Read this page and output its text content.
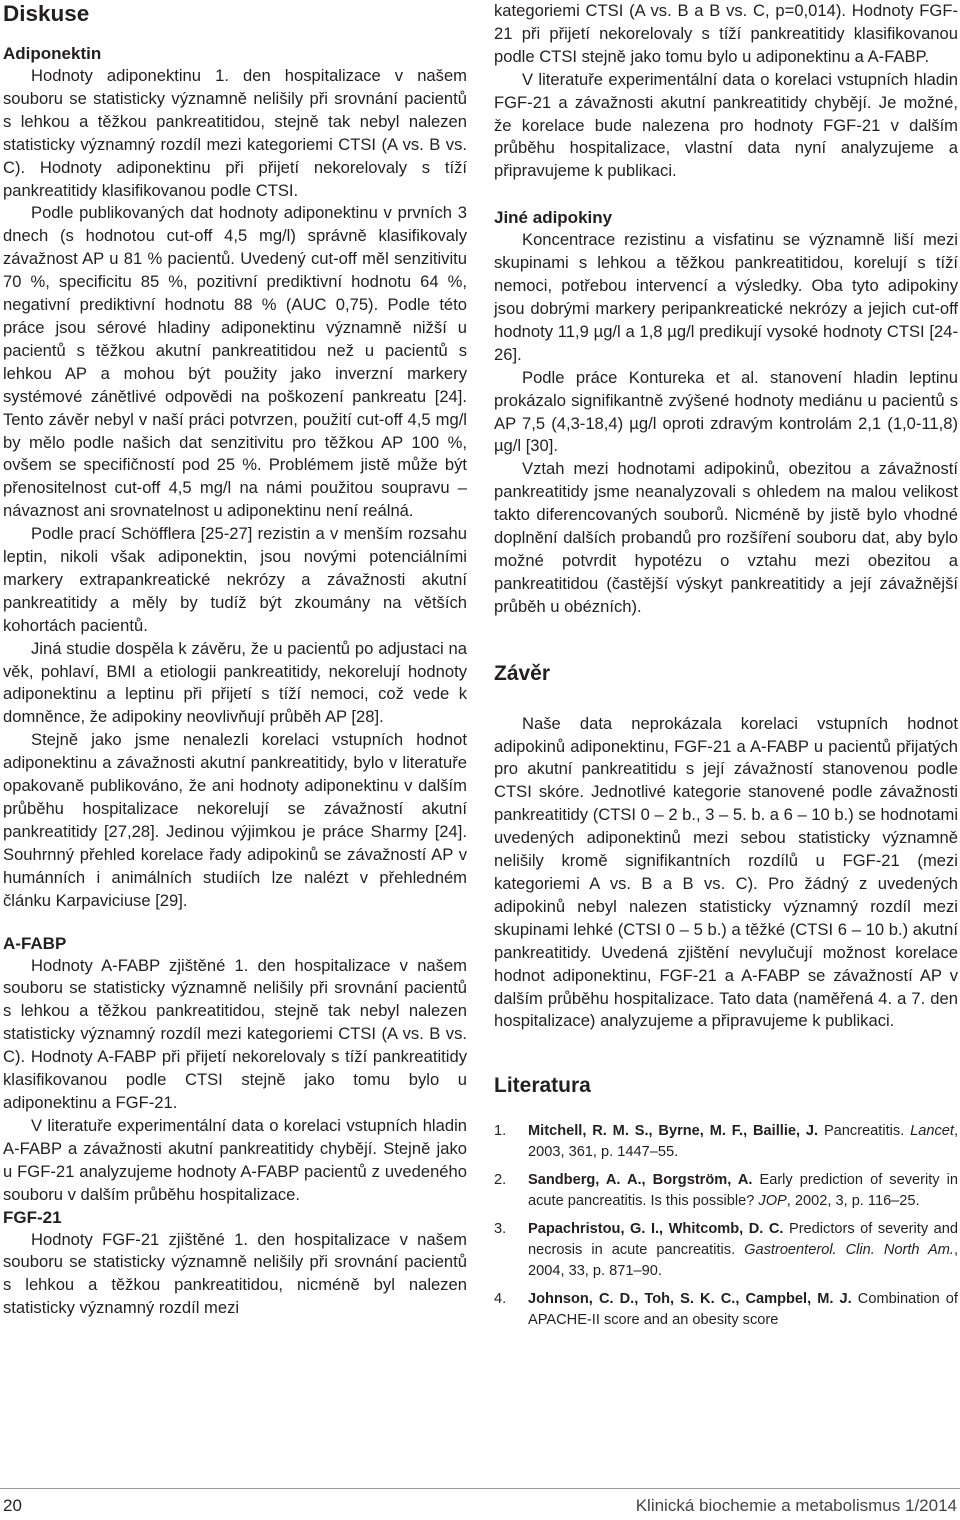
Diskuse
Adiponektin

Hodnoty adiponektinu 1. den hospitalizace v našem souboru se statisticky významně nelišily při srovnání pacientů s lehkou a těžkou pankreatitidou, stejně tak nebyl nalezen statisticky významný rozdíl mezi kategoriemi CTSI (A vs. B vs. C). Hodnoty adiponektinu při přijetí nekorelovaly s tíží pankreatitidy klasifikovanou podle CTSI.

Podle publikovaných dat hodnoty adiponektinu v prvních 3 dnech (s hodnotou cut-off 4,5 mg/l) správně klasifikovaly závažnost AP u 81 % pacientů. Uvedený cut-off měl senzitivitu 70 %, specificitu 85 %, pozitivní prediktivní hodnotu 64 %, negativní prediktivní hodnotu 88 % (AUC 0,75). Podle této práce jsou sérové hladiny adiponektinu významně nižší u pacientů s těžkou akutní pankreatitidou než u pacientů s lehkou AP a mohou být použity jako inverzní markery systémové zánětlivé odpovědi na poškození pankreatu [24]. Tento závěr nebyl v naší práci potvrzen, použití cut-off 4,5 mg/l by mělo podle našich dat senzitivitu pro těžkou AP 100 %, ovšem se specifičností pod 25 %. Problémem jistě může být přenositelnost cut-off 4,5 mg/l na námi použitou soupravu – návaznost ani srovnatelnost u adiponektinu není reálná.

Podle prací Schöfflera [25-27] rezistin a v menším rozsahu leptin, nikoli však adiponektin, jsou novými potenciálními markery extrapankreatické nekrózy a závažnosti akutní pankreatitidy a měly by tudíž být zkoumány na větších kohortách pacientů.

Jiná studie dospěla k závěru, že u pacientů po adjustaci na věk, pohlaví, BMI a etiologii pankreatitidy, nekorelují hodnoty adiponektinu a leptinu při přijetí s tíží nemoci, což vede k domněnce, že adipokiny neovlivňují průběh AP [28].

Stejně jako jsme nenalezli korelaci vstupních hodnot adiponektinu a závažnosti akutní pankreatitidy, bylo v literatuře opakovaně publikováno, že ani hodnoty adiponektinu v dalším průběhu hospitalizace nekorelují se závažností akutní pankreatitidy [27,28]. Jedinou výjimkou je práce Sharmy [24]. Souhrnný přehled korelace řady adipokinů se závažností AP v humánních i animálních studiích lze nalézt v přehledném článku Karpaviciuse [29].

A-FABP

Hodnoty A-FABP zjištěné 1. den hospitalizace v našem souboru se statisticky významně nelišily při srovnání pacientů s lehkou a těžkou pankreatitidou, stejně tak nebyl nalezen statisticky významný rozdíl mezi kategoriemi CTSI (A vs. B vs. C). Hodnoty A-FABP při přijetí nekorelovaly s tíží pankreatitidy klasifikovanou podle CTSI stejně jako tomu bylo u adiponektinu a FGF-21.

V literatuře experimentální data o korelaci vstupních hladin A-FABP a závažnosti akutní pankreatitidy chybějí. Stejně jako u FGF-21 analyzujeme hodnoty A-FABP pacientů z uvedeného souboru v dalším průběhu hospitalizace.

FGF-21

Hodnoty FGF-21 zjištěné 1. den hospitalizace v našem souboru se statisticky významně nelišily při srovnání pacientů s lehkou a těžkou pankreatitidou, nicméně byl nalezen statisticky významný rozdíl mezi

kategoriemi CTSI (A vs. B a B vs. C, p=0,014). Hodnoty FGF-21 při přijetí nekorelovaly s tíží pankreatitidy klasifikovanou podle CTSI stejně jako tomu bylo u adiponektinu a A-FABP.

V literatuře experimentální data o korelaci vstupních hladin FGF-21 a závažnosti akutní pankreatitidy chybějí. Je možné, že korelace bude nalezena pro hodnoty FGF-21 v dalším průběhu hospitalizace, vlastní data nyní analyzujeme a připravujeme k publikaci.

Jiné adipokiny

Koncentrace rezistinu a visfatinu se významně liší mezi skupinami s lehkou a těžkou pankreatitidou, korelují s tíží nemoci, potřebou intervencí a výsledky. Oba tyto adipokiny jsou dobrými markery peripankreatické nekrózy a jejich cut-off hodnoty 11,9 µg/l a 1,8 µg/l predikují vysoké hodnoty CTSI [24-26].

Podle práce Kontureka et al. stanovení hladin leptinu prokázalo signifikantně zvýšené hodnoty mediánu u pacientů s AP 7,5 (4,3-18,4) µg/l oproti zdravým kontrolám 2,1 (1,0-11,8) µg/l [30].

Vztah mezi hodnotami adipokinů, obezitou a závažností pankreatitidy jsme neanalyzovali s ohledem na malou velikost takto diferencovaných souborů. Nicméně by jistě bylo vhodné doplnění dalších probandů pro rozšíření souboru dat, aby bylo možné potvrdit hypotézu o vztahu mezi obezitou a pankreatitidou (častější výskyt pankreatitidy a její závažnější průběh u obézních).

Závěr

Naše data neprokázala korelaci vstupních hodnot adipokinů adiponektinu, FGF-21 a A-FABP u pacientů přijatých pro akutní pankreatitidu s její závažností stanovenou podle CTSI skóre. Jednotlivé kategorie stanovené podle závažnosti pankreatitidy (CTSI 0 – 2 b., 3 – 5. b. a 6 – 10 b.) se hodnotami uvedených adiponektinů mezi sebou statisticky významně nelišily kromě signifikantních rozdílů u FGF-21 (mezi kategoriemi A vs. B a B vs. C). Pro žádný z uvedených adipokinů nebyl nalezen statisticky významný rozdíl mezi skupinami lehké (CTSI 0 – 5 b.) a těžké (CTSI 6 – 10 b.) akutní pankreatitidy. Uvedená zjištění nevylučují možnost korelace hodnot adiponektinu, FGF-21 a A-FABP se závažností AP v dalším průběhu hospitalizace. Tato data (naměřená 4. a 7. den hospitalizace) analyzujeme a připravujeme k publikaci.

Literatura
1. Mitchell, R. M. S., Byrne, M. F., Baillie, J. Pancreatitis. Lancet, 2003, 361, p. 1447–55.
2. Sandberg, A. A., Borgström, A. Early prediction of severity in acute pancreatitis. Is this possible? JOP, 2002, 3, p. 116–25.
3. Papachristou, G. I., Whitcomb, D. C. Predictors of severity and necrosis in acute pancreatitis. Gastroenterol. Clin. North Am., 2004, 33, p. 871–90.
4. Johnson, C. D., Toh, S. K. C., Campbel, M. J. Combination of APACHE-II score and an obesity score
20	Klinická biochemie a metabolismus 1/2014
